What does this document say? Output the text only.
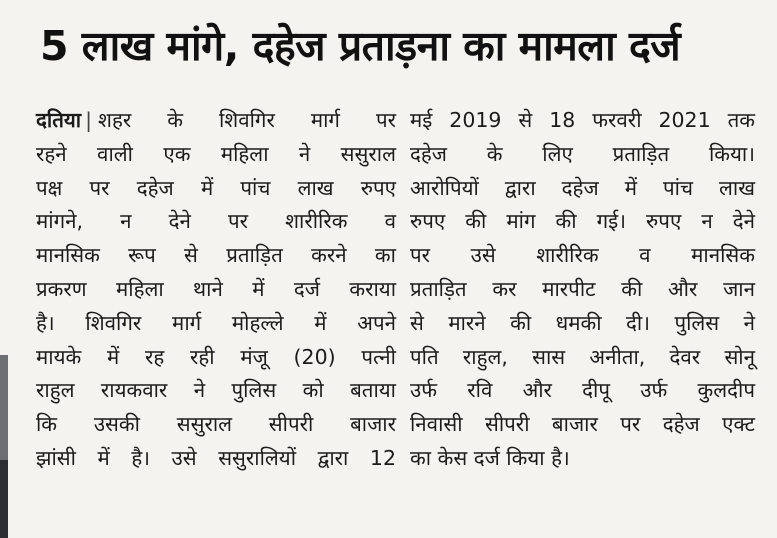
5 लाख मांगे, दहेज प्रताड़ना का मामला दर्ज
दतिया | शहर के शिवगिर मार्ग पर
रहने वाली एक महिला ने ससुराल
पक्ष पर दहेज में पांच लाख रुपए
मांगने, न देने पर शारीरिक व
मानसिक रूप से प्रताड़ित करने का
प्रकरण महिला थाने में दर्ज कराया
है। शिवगिर मार्ग मोहल्ले में अपने
मायके में रह रही मंजू (20) पत्नी
राहुल रायकवार ने पुलिस को बताया
कि उसकी ससुराल सीपरी बाजार
झांसी में है। उसे ससुरालियों द्वारा 12
मई 2019 से 18 फरवरी 2021 तक
दहेज के लिए प्रताड़ित किया।
आरोपियों द्वारा दहेज में पांच लाख
रुपए की मांग की गई। रुपए न देने
पर उसे शारीरिक व मानसिक
प्रताड़ित कर मारपीट की और जान
से मारने की धमकी दी। पुलिस ने
पति राहुल, सास अनीता, देवर सोनू
उर्फ रवि और दीपू उर्फ कुलदीप
निवासी सीपरी बाजार पर दहेज एक्ट
का केस दर्ज किया है।
